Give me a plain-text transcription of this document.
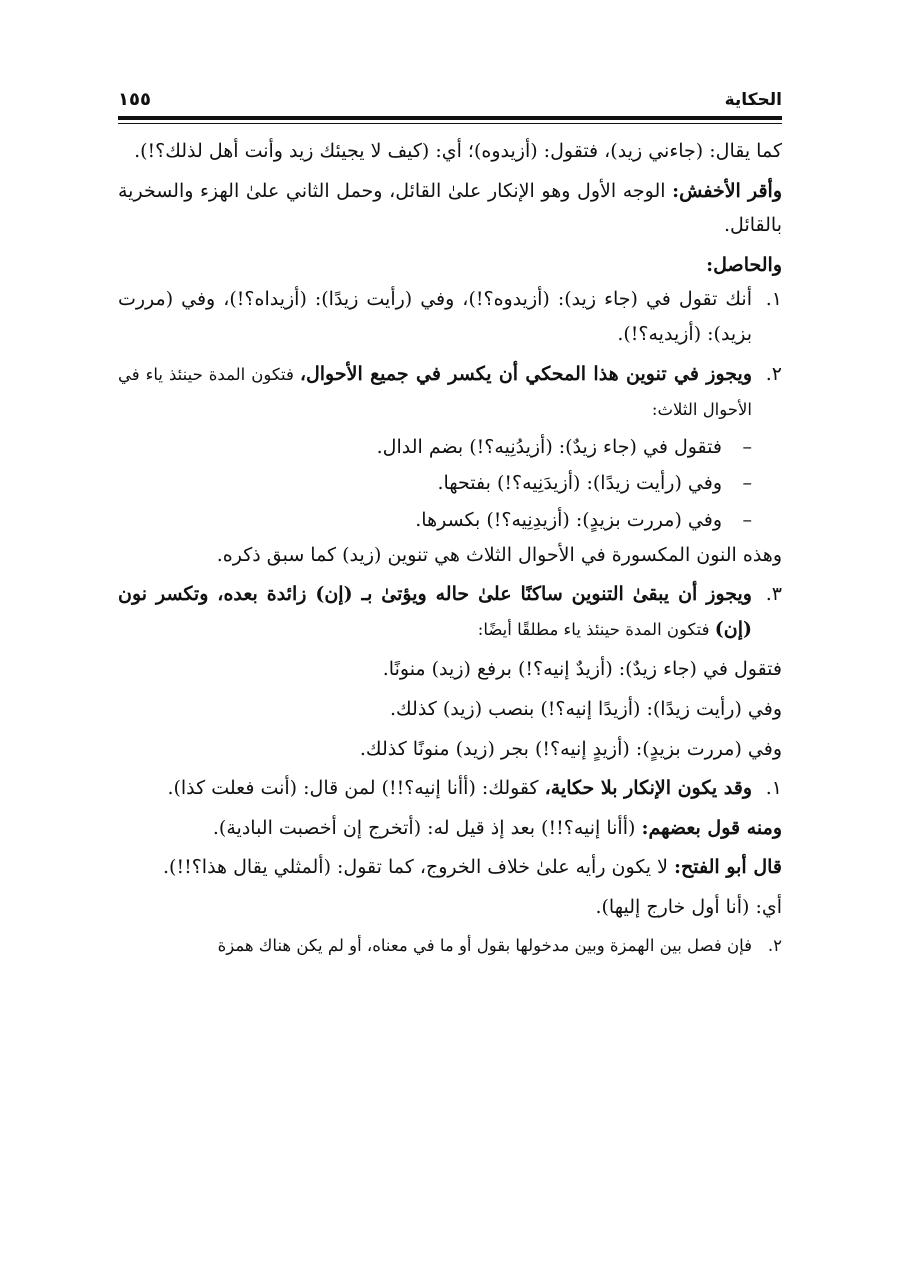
الحكاية
١٥٥

كما يقال: (جاءني زيد)، فتقول: (أزيدوه)؛ أي: (كيف لا يجيئك زيد وأنت أهل لذلك؟!).

وأقر الأخفش: الوجه الأول وهو الإنكار علىٰ القائل، وحمل الثاني علىٰ الهزء والسخرية بالقائل.

والحاصل:

١.
أنك تقول في (جاء زيد): (أزيدوه؟!)، وفي (رأيت زيدًا): (أزيداه؟!)، وفي (مررت بزيد): (أزيديه؟!).
٢.
ويجوز في تنوين هذا المحكي أن يكسر في جميع الأحوال، فتكون المدة حينئذ ياء في الأحوال الثلاث:
–
فتقول في (جاء زيدٌ): (أزيدُنِيه؟!) بضم الدال.
–
وفي (رأيت زيدًا): (أزيدَنِيه؟!) بفتحها.
–
وفي (مررت بزيدٍ): (أزيدِنِيه؟!) بكسرها.

وهذه النون المكسورة في الأحوال الثلاث هي تنوين (زيد) كما سبق ذكره.

٣.
ويجوز أن يبقىٰ التنوين ساكنًا علىٰ حاله ويؤتىٰ بـ (إن) زائدة بعده، وتكسر نون (إن) فتكون المدة حينئذ ياء مطلقًا أيضًا:

فتقول في (جاء زيدٌ): (أزيدٌ إنيه؟!) برفع (زيد) منونًا.

وفي (رأيت زيدًا): (أزيدًا إنيه؟!) بنصب (زيد) كذلك.

وفي (مررت بزيدٍ): (أزيدٍ إنيه؟!) بجر (زيد) منونًا كذلك.

١.
وقد يكون الإنكار بلا حكاية، كقولك: (أأنا إنيه؟!!) لمن قال: (أنت فعلت كذا).

ومنه قول بعضهم: (أأنا إنيه؟!!) بعد إذ قيل له: (أتخرج إن أخصبت البادية).

قال أبو الفتح: لا يكون رأيه علىٰ خلاف الخروج، كما تقول: (ألمثلي يقال هذا؟!!).

أي: (أنا أول خارج إليها).

٢.
فإن فصل بين الهمزة وبين مدخولها بقول أو ما في معناه، أو لم يكن هناك همزة
